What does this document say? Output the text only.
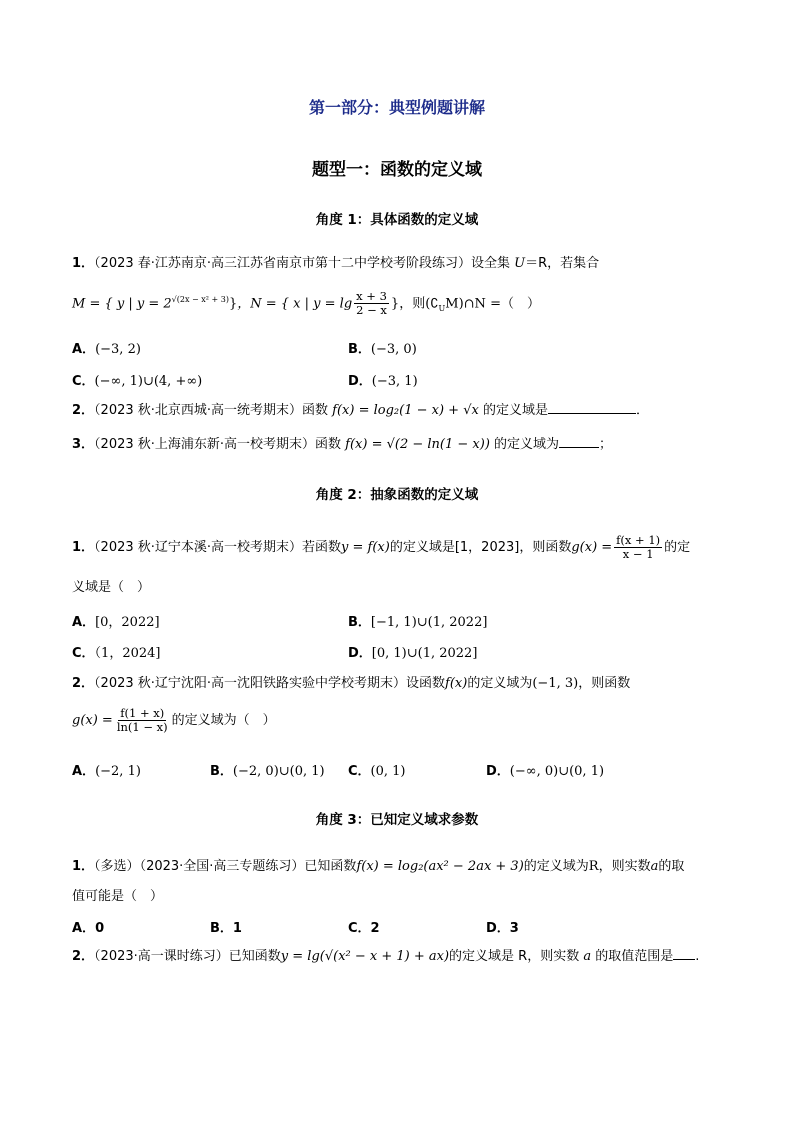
第一部分：典型例题讲解
题型一：函数的定义域
角度 1：具体函数的定义域
1．（2023 春·江苏南京·高三江苏省南京市第十二中学校考阶段练习）设全集 U＝R，若集合
M = { y | $y = 2^{√(2x - x^2 + 3)}$}，N = { x | $y = \lg \frac{x + 3}{2 - x}$ }，则$(∁_UM)\cap N$ =（　）
A．(−3, 2)	B．(−3, 0)
C．(−∞, 1)∪(4, +∞)	D．(−3, 1)
2．（2023 秋·北京西城·高一统考期末）函数 f(x) = log₂(1 − x) + √x 的定义域是	．
3．（2023 秋·上海浦东新·高一校考期末）函数 f(x) = √(2 − ln(1 − x)) 的定义域为	；
角度 2：抽象函数的定义域
1．（2023 秋·辽宁本溪·高一校考期末）若函数y = f(x)的定义域是[1，2023]，则函数$g(x) = \frac{f(x + 1)}{x - 1}$ 的定
义域是（　）
A．[0，2022]	B．[−1, 1)∪(1, 2022]
C．（1，2024]	D．[0, 1)∪(1, 2022]
2．（2023 秋·辽宁沈阳·高一沈阳铁路实验中学校考期末）设函数f(x)的定义域为(−1, 3)，则函数
$g(x) = \frac{f(1 + x)}{\ln(1 - x)}$ 的定义域为（　）
A．(−2, 1)	B．(−2, 0)∪(0, 1) C．(0, 1)	D．(−∞, 0)∪(0, 1)
角度 3：已知定义域求参数
1．（多选）（2023·全国·高三专题练习）已知函数f(x) = log₂(ax² − 2ax + 3)的定义域为R，则实数a的取
值可能是（　）
A．0	B．1	C．2	D．3
2．（2023·高一课时练习）已知函数y = lg(√(x² − x + 1) + ax)的定义域是 R，则实数 a 的取值范围是 .
